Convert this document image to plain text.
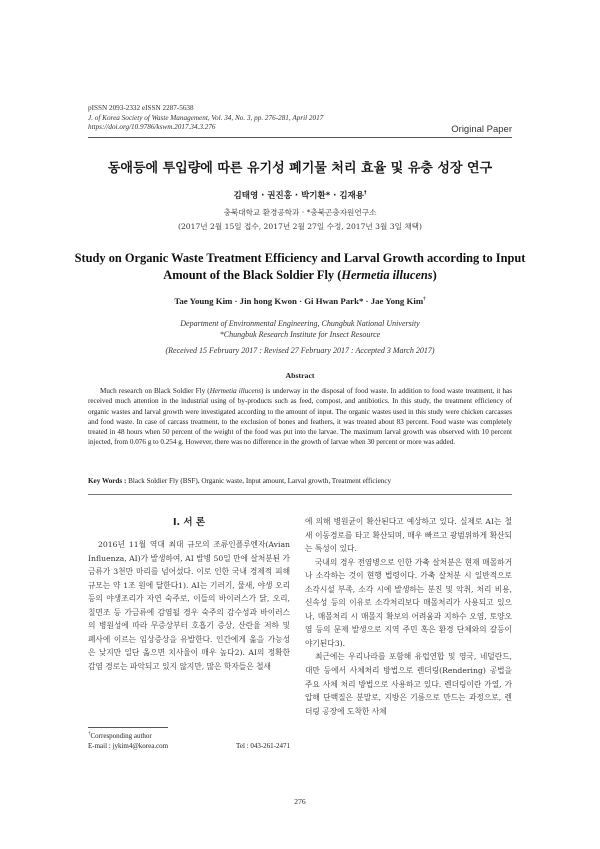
pISSN 2093-2332 eISSN 2287-5638
J. of Korea Society of Waste Management, Vol. 34, No. 3, pp. 276-281, April 2017
https://doi.org/10.9786/kswm.2017.34.3.276	Original Paper
동애등에 투입량에 따른 유기성 폐기물 처리 효율 및 유충 성장 연구
김태영 · 권진홍 · 박기환* · 김재용†
충북대학교 환경공학과 · *충북곤충자원연구소
(2017년 2월 15일 접수, 2017년 2월 27일 수정, 2017년 3월 3일 채택)
Study on Organic Waste Treatment Efficiency and Larval Growth according to Input Amount of the Black Soldier Fly (Hermetia illucens)
Tae Young Kim · Jin hong Kwon · Gi Hwan Park* · Jae Yong Kim†
Department of Environmental Engineering, Chungbuk National University
*Chungbuk Research Institute for Insect Resource
(Received 15 February 2017 : Revised 27 February 2017 : Accepted 3 March 2017)
Abstract

Much research on Black Soldier Fly (Hermetia illucens) is underway in the disposal of food waste. In addition to food waste treatment, it has received much attention in the industrial using of by-products such as feed, compost, and antibiotics. In this study, the treatment efficiency of organic wastes and larval growth were investigated according to the amount of input. The organic wastes used in this study were chicken carcasses and food waste. In case of carcass treatment, to the exclusion of bones and feathers, it was treated about 83 percent. Food waste was completely treated in 48 hours when 50 percent of the weight of the food was put into the larvae. The maximum larval growth was observed with 10 percent injected, from 0.076 g to 0.254 g. However, there was no difference in the growth of larvae when 30 percent or more was added.

Key Words : Black Soldier Fly (BSF), Organic waste, Input amount, Larval growth, Treatment efficiency
I. 서 론

2016년 11월 역대 최대 규모의 조류인플루엔자(Avian Influenza, AI)가 발생하여, AI 발병 50일 만에 살처분된 가금류가 3천만 마리를 넘어섰다. 이로 인한 국내 경제적 피해 규모는 약 1조 원에 달한다1). AI는 기러기, 물새, 야생 오리 등의 야생조리가 자연 숙주로, 이들의 바이러스가 닭, 오리, 칠면조 등 가금류에 감염될 경우 숙주의 감수성과 바이러스의 병원성에 따라 무증상부터 호흡기 증상, 산란율 저하 및 폐사에 이르는 임상증상을 유발한다. 인간에게 옮을 가능성은 낮지만 일단 옮으면 치사율이 매우 높다2). AI의 정확한 감염 경로는 파악되고 있지 않지만, 많은 학자들은 철새

에 의해 병원균이 확산된다고 예상하고 있다. 실제로 AI는 철새 이동경로를 타고 확산되며, 매우 빠르고 광범위하게 확산되는 특성이 있다.

국내의 경우 전염병으로 인한 가축 살처분은 현재 매몰하거나 소각하는 것이 현행 법령이다. 가축 살처분 시 일반적으로 소각시설 부족, 소각 시에 발생하는 분진 및 악취, 처리 비용, 신속성 등의 이유로 소각처리보다 매몰처리가 사용되고 있으나, 매몰처리 시 매몰지 확보의 어려움과 지하수 오염, 토양오염 등의 문제 발생으로 지역 주민 혹은 환경 단체와의 갈등이 야기된다3).

최근에는 우리나라를 포함해 유럽연합 및 영국, 네덜란드, 대만 등에서 사체처리 방법으로 렌더링(Rendering) 공법을 주요 사체 처리 방법으로 사용하고 있다. 렌더링이란 가열, 가압해 단백질은 분말로, 지방은 기름으로 만드는 과정으로, 렌더링 공장에 도착한 사체

†Corresponding author
E-mail : jykim4@korea.com	Tel : 043-261-2471
276
